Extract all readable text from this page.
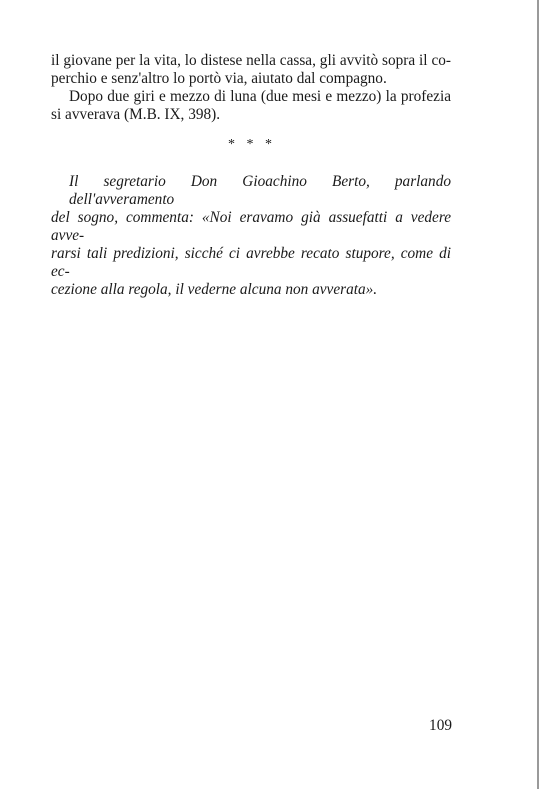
il giovane per la vita, lo distese nella cassa, gli avvitò sopra il co-
perchio e senz'altro lo portò via, aiutato dal compagno.
Dopo due giri e mezzo di luna (due mesi e mezzo) la profezia
si avverava (M.B. IX, 398).
* * *
Il segretario Don Gioachino Berto, parlando dell'avveramento
del sogno, commenta: «Noi eravamo già assuefatti a vedere avve-
rarsi tali predizioni, sicché ci avrebbe recato stupore, come di ec-
cezione alla regola, il vederne alcuna non avverata».
109
